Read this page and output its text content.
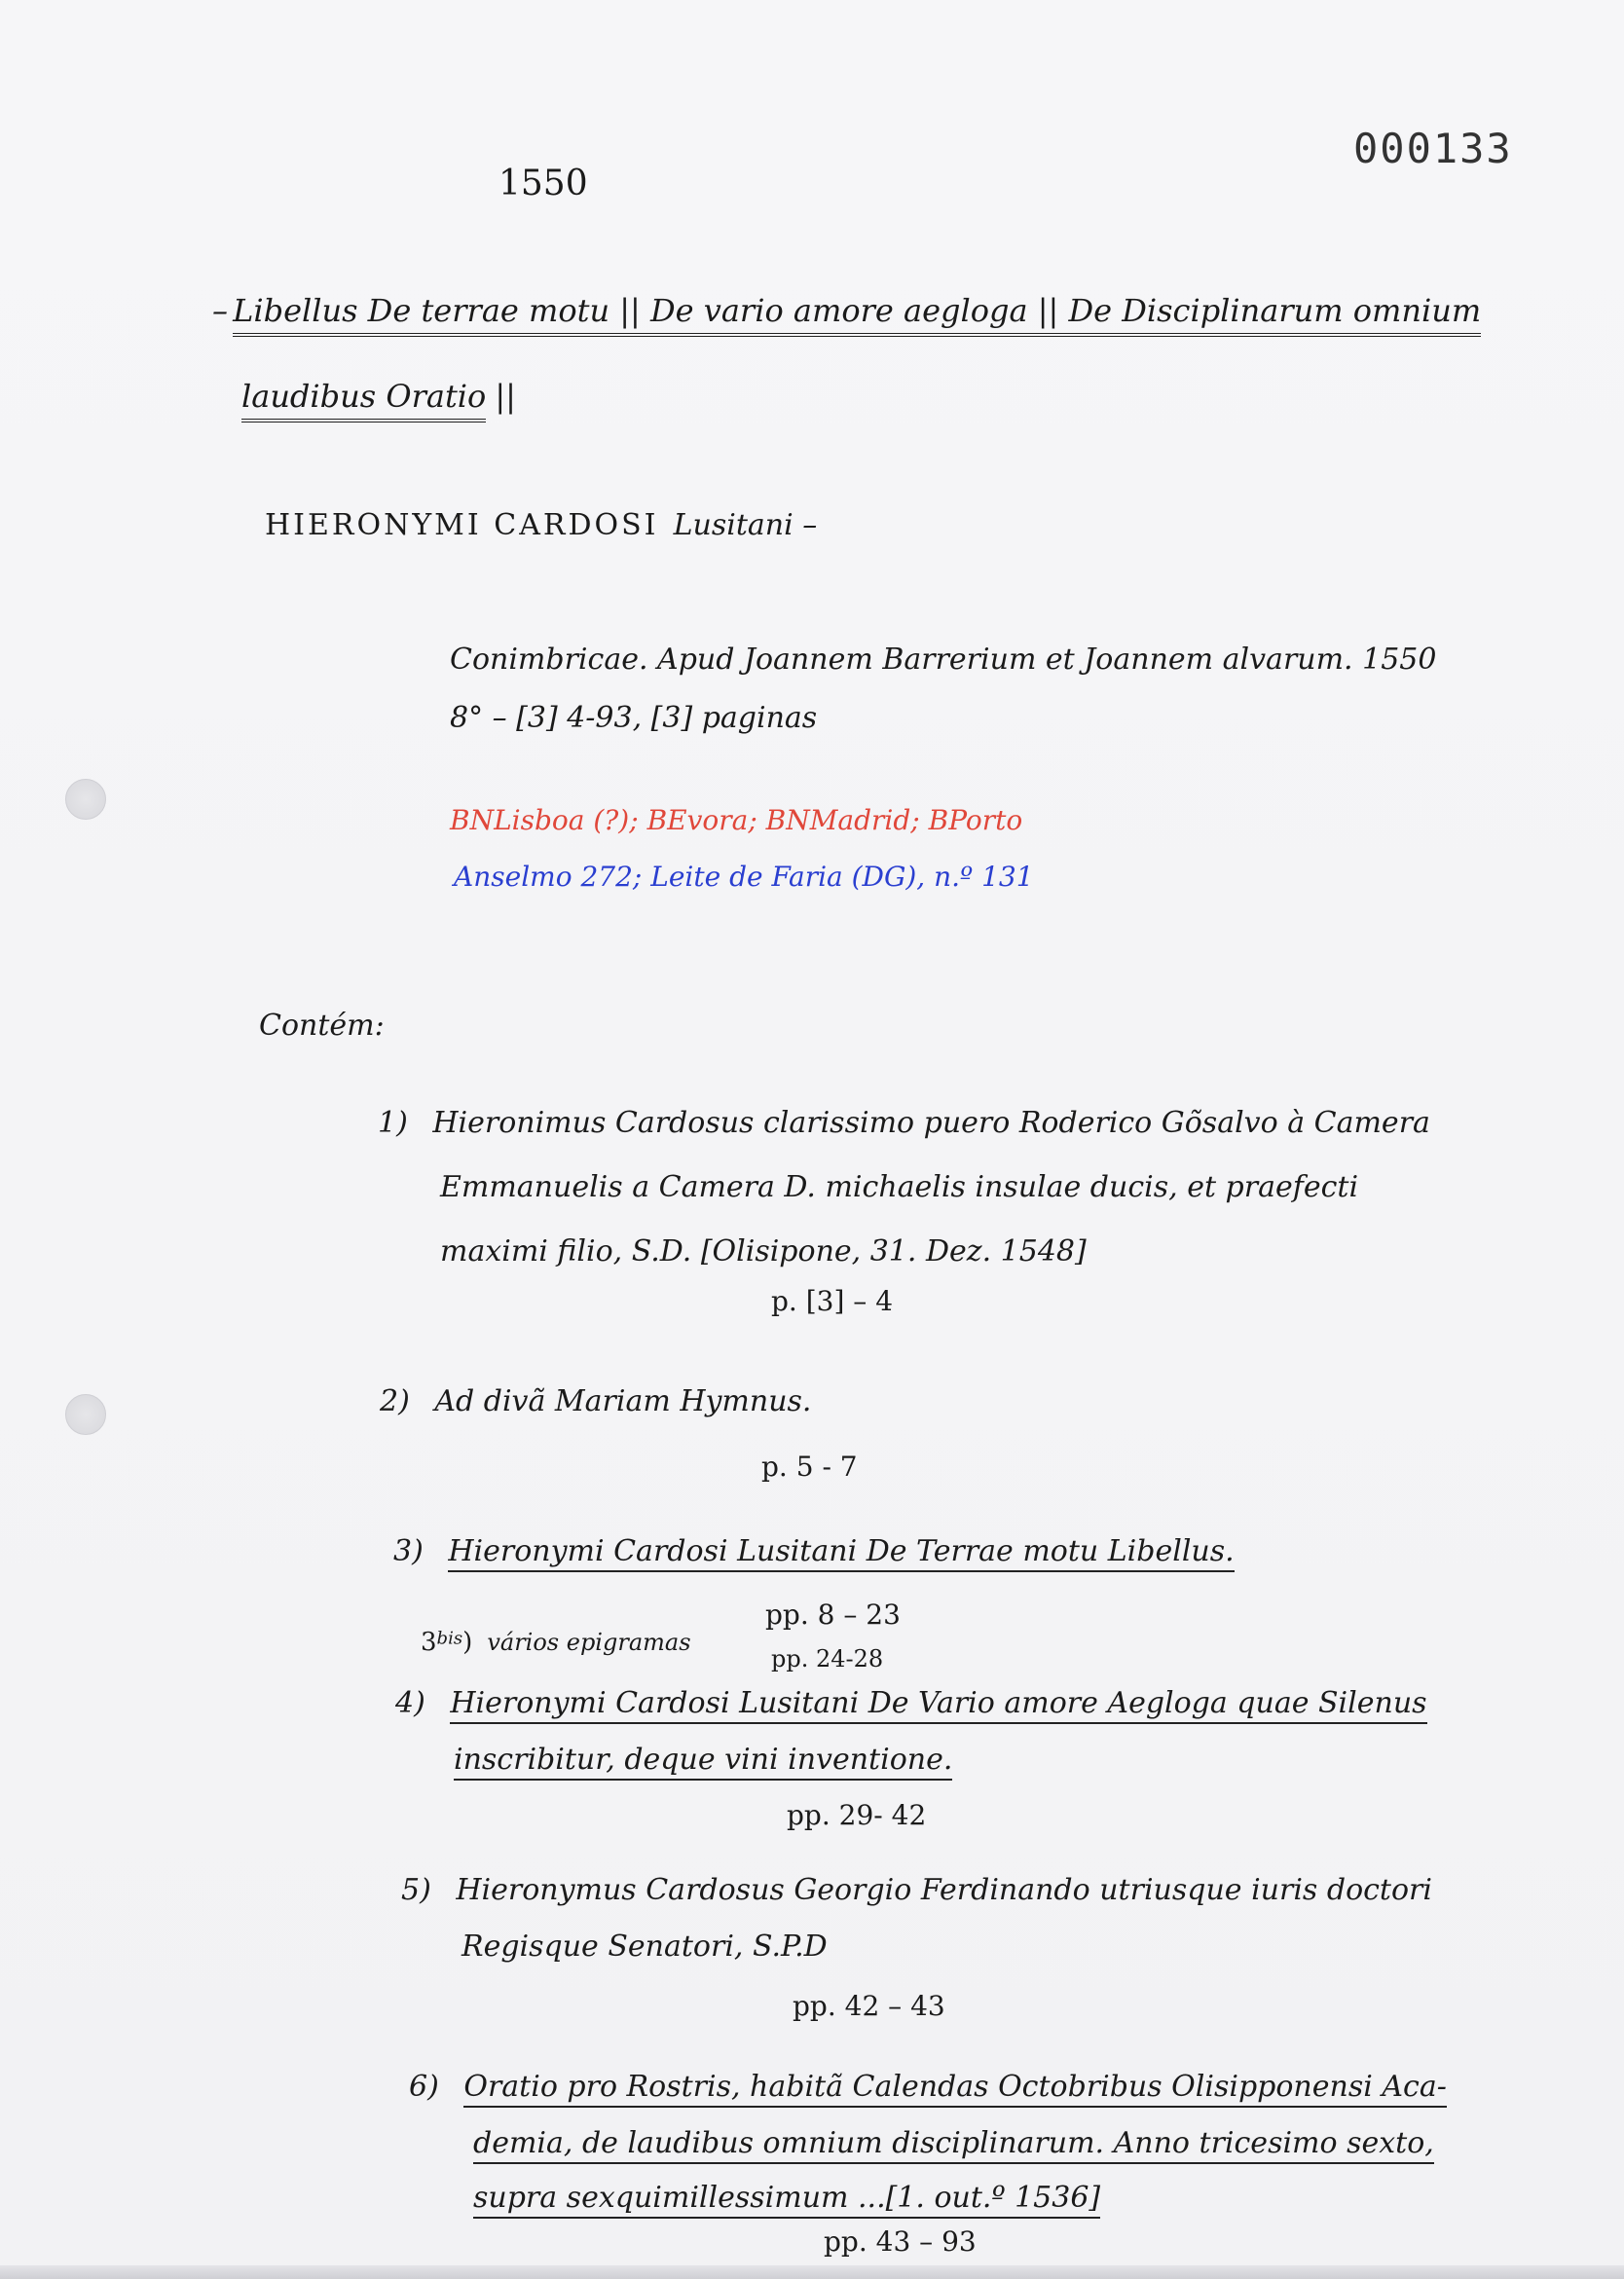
000133
1550
– Libellus De terrae motu || De vario amore aegloga || De Disciplinarum omnium
laudibus Oratio ||
HIERONYMI CARDOSI Lusitani –
Conimbricae. Apud Joannem Barrerium et Joannem alvarum. 1550
8° – [3] 4-93, [3] paginas
BNLisboa (?); BEvora; BNMadrid; BPorto
Anselmo 272; Leite de Faria (DG), n.º 131
Contém:
1) Hieronimus Cardosus clarissimo puero Roderico Gõsalvo à Camera
Emmanuelis a Camera D. michaelis insulae ducis, et praefecti
maximi filio, S.D. [Olisipone, 31. Dez. 1548]
p. [3] – 4
2) Ad divã Mariam Hymnus.
p. 5 - 7
3) Hieronymi Cardosi Lusitani De Terrae motu Libellus.
pp. 8 – 23
3bis) vários epigramas
pp. 24-28
4) Hieronymi Cardosi Lusitani De Vario amore Aegloga quae Silenus
inscribitur, deque vini inventione.
pp. 29- 42
5) Hieronymus Cardosus Georgio Ferdinando utriusque iuris doctori
Regisque Senatori, S.P.D
pp. 42 – 43
6) Oratio pro Rostris, habitã Calendas Octobribus Olisipponensi Aca-
demia, de laudibus omnium disciplinarum. Anno tricesimo sexto,
supra sexquimillessimum ...[1. out.º 1536]
pp. 43 – 93
